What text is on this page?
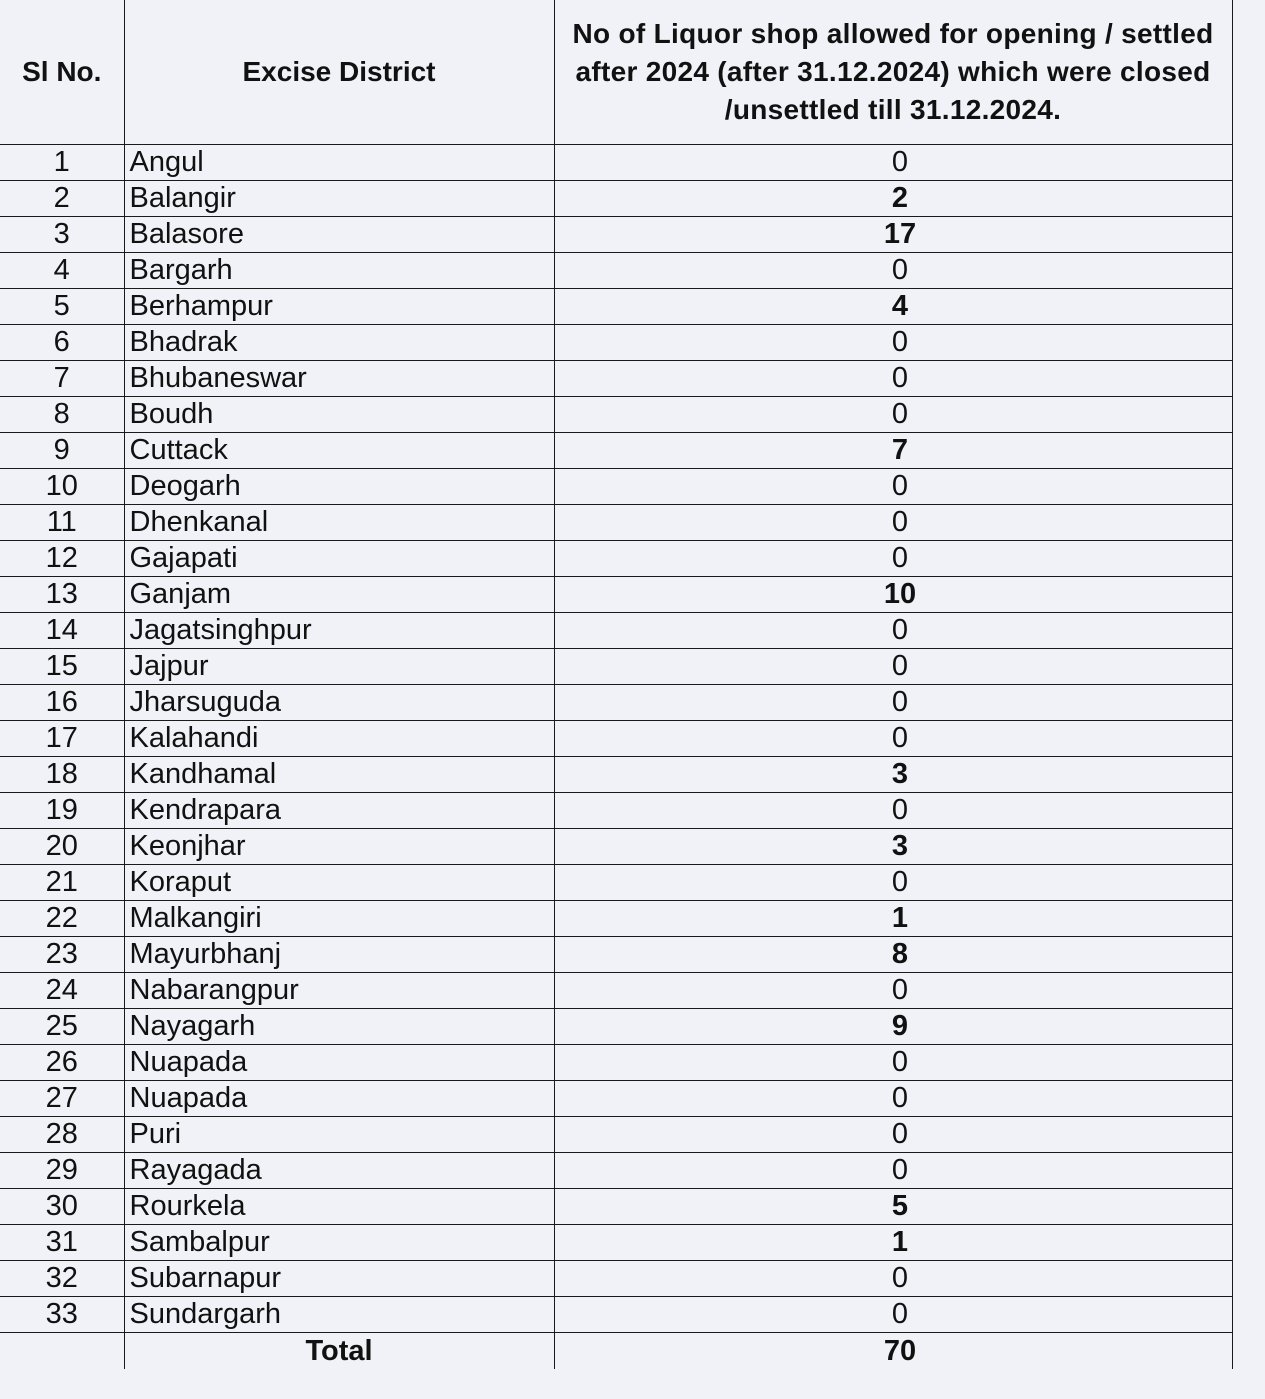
Sl No.	Excise District	No of Liquor shop allowed for opening / settled after 2024 (after 31.12.2024) which were closed /unsettled till 31.12.2024.
1	Angul	0
2	Balangir	2
3	Balasore	17
4	Bargarh	0
5	Berhampur	4
6	Bhadrak	0
7	Bhubaneswar	0
8	Boudh	0
9	Cuttack	7
10	Deogarh	0
11	Dhenkanal	0
12	Gajapati	0
13	Ganjam	10
14	Jagatsinghpur	0
15	Jajpur	0
16	Jharsuguda	0
17	Kalahandi	0
18	Kandhamal	3
19	Kendrapara	0
20	Keonjhar	3
21	Koraput	0
22	Malkangiri	1
23	Mayurbhanj	8
24	Nabarangpur	0
25	Nayagarh	9
26	Nuapada	0
27	Nuapada	0
28	Puri	0
29	Rayagada	0
30	Rourkela	5
31	Sambalpur	1
32	Subarnapur	0
33	Sundargarh	0
	Total	70
